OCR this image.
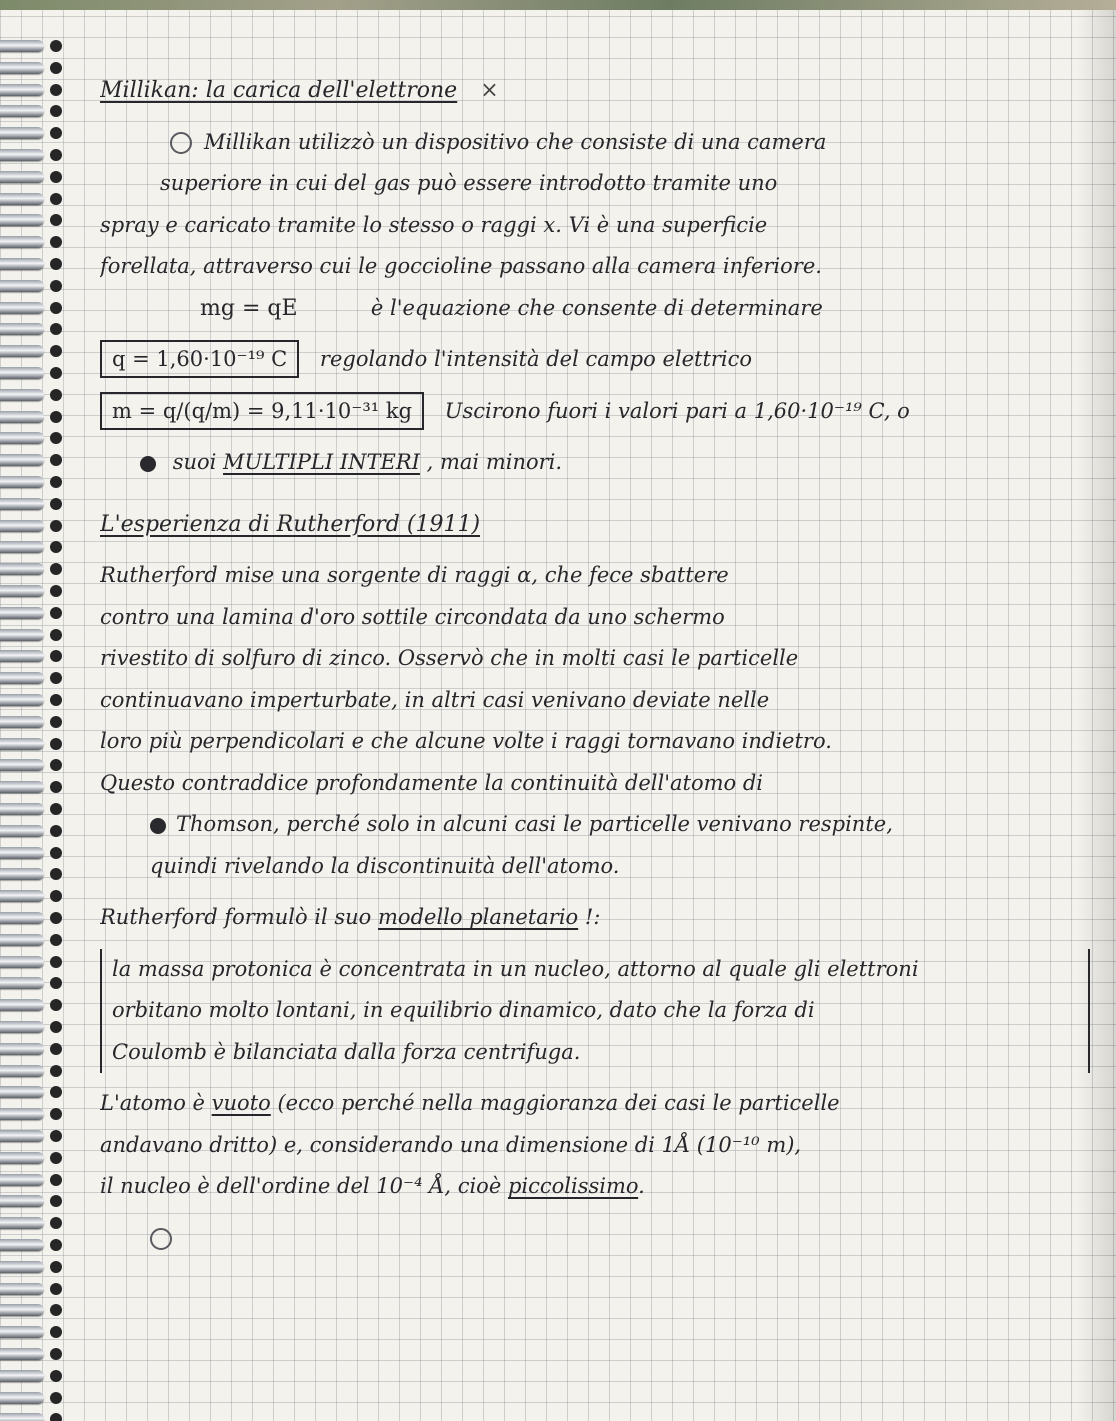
Millikan: la carica dell'elettrone ×
Millikan utilizzò un dispositivo che consiste di una camera
superiore in cui del gas può essere introdotto tramite uno
spray e caricato tramite lo stesso o raggi x. Vi è una superficie
forellata, attraverso cui le goccioline passano alla camera inferiore.
mg = qE	è l'equazione che consente di determinare
q = 1,60·10⁻¹⁹ C regolando l'intensità del campo elettrico
m = q/(q/m) = 9,11·10⁻³¹ kg Uscirono fuori i valori pari a 1,60·10⁻¹⁹ C, o
suoi MULTIPLI INTERI , mai minori.
L'esperienza di Rutherford (1911)
Rutherford mise una sorgente di raggi α, che fece sbattere
contro una lamina d'oro sottile circondata da uno schermo
rivestito di solfuro di zinco. Osservò che in molti casi le particelle
continuavano imperturbate, in altri casi venivano deviate nelle
loro più perpendicolari e che alcune volte i raggi tornavano indietro.
Questo contraddice profondamente la continuità dell'atomo di
Thomson, perché solo in alcuni casi le particelle venivano respinte,
quindi rivelando la discontinuità dell'atomo.
Rutherford formulò il suo modello planetario !:
la massa protonica è concentrata in un nucleo, attorno al quale gli elettroni
orbitano molto lontani, in equilibrio dinamico, dato che la forza di
Coulomb è bilanciata dalla forza centrifuga.
L'atomo è vuoto (ecco perché nella maggioranza dei casi le particelle
andavano dritto) e, considerando una dimensione di 1Å (10⁻¹⁰ m),
il nucleo è dell'ordine del 10⁻⁴ Å, cioè piccolissimo.
